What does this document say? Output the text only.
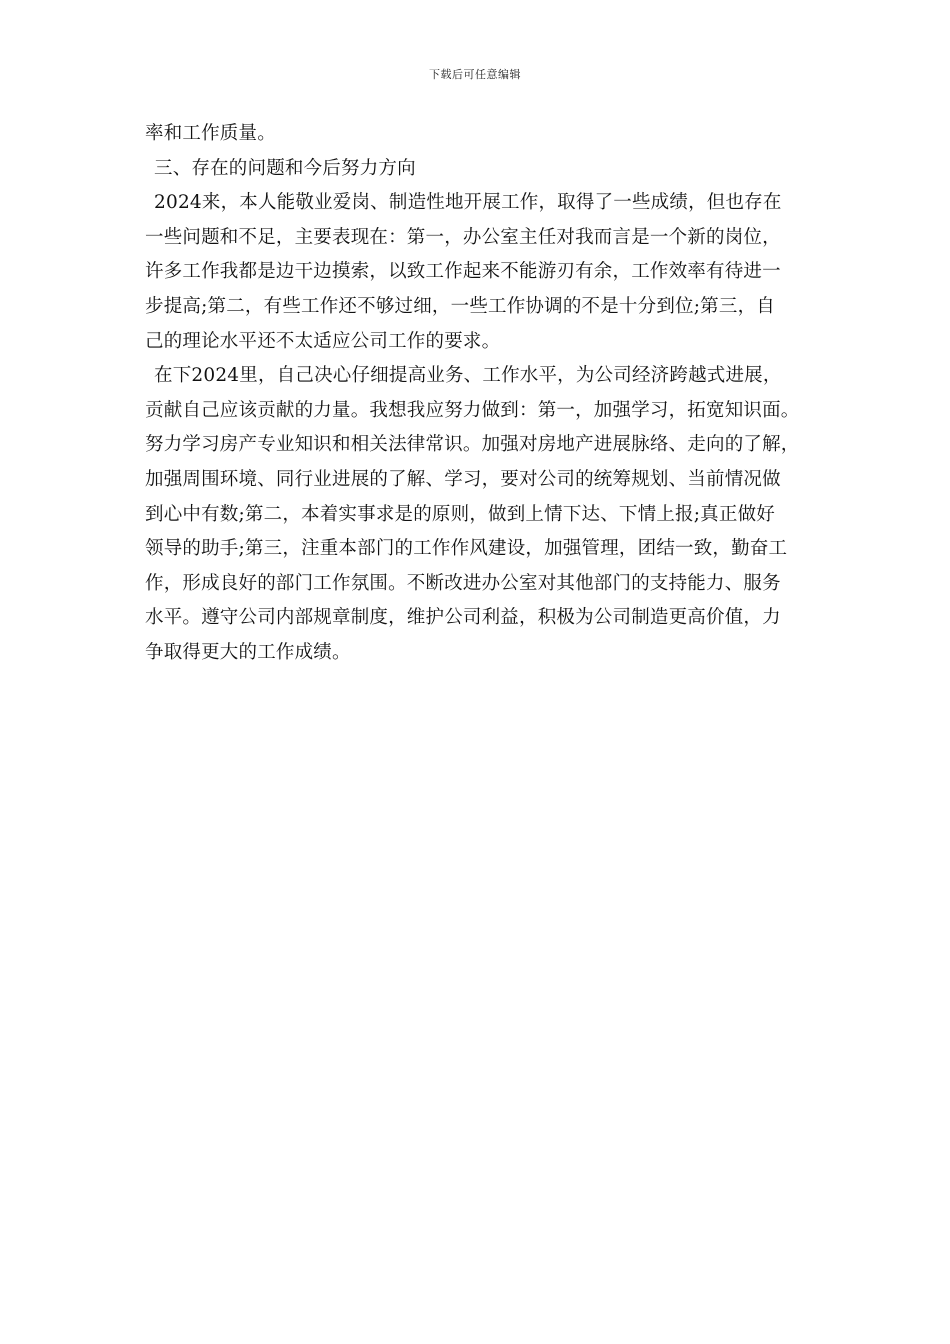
下载后可任意编辑
率和工作质量。
三、存在的问题和今后努力方向
2024来，本人能敬业爱岗、制造性地开展工作，取得了一些成绩，但也存在
一些问题和不足，主要表现在：第一，办公室主任对我而言是一个新的岗位，
许多工作我都是边干边摸索，以致工作起来不能游刃有余，工作效率有待进一
步提高;第二，有些工作还不够过细，一些工作协调的不是十分到位;第三，自
己的理论水平还不太适应公司工作的要求。
在下2024里，自己决心仔细提高业务、工作水平，为公司经济跨越式进展，
贡献自己应该贡献的力量。我想我应努力做到：第一，加强学习，拓宽知识面。
努力学习房产专业知识和相关法律常识。加强对房地产进展脉络、走向的了解，
加强周围环境、同行业进展的了解、学习，要对公司的统筹规划、当前情况做
到心中有数;第二，本着实事求是的原则，做到上情下达、下情上报;真正做好
领导的助手;第三，注重本部门的工作作风建设，加强管理，团结一致，勤奋工
作，形成良好的部门工作氛围。不断改进办公室对其他部门的支持能力、服务
水平。遵守公司内部规章制度，维护公司利益，积极为公司制造更高价值，力
争取得更大的工作成绩。
